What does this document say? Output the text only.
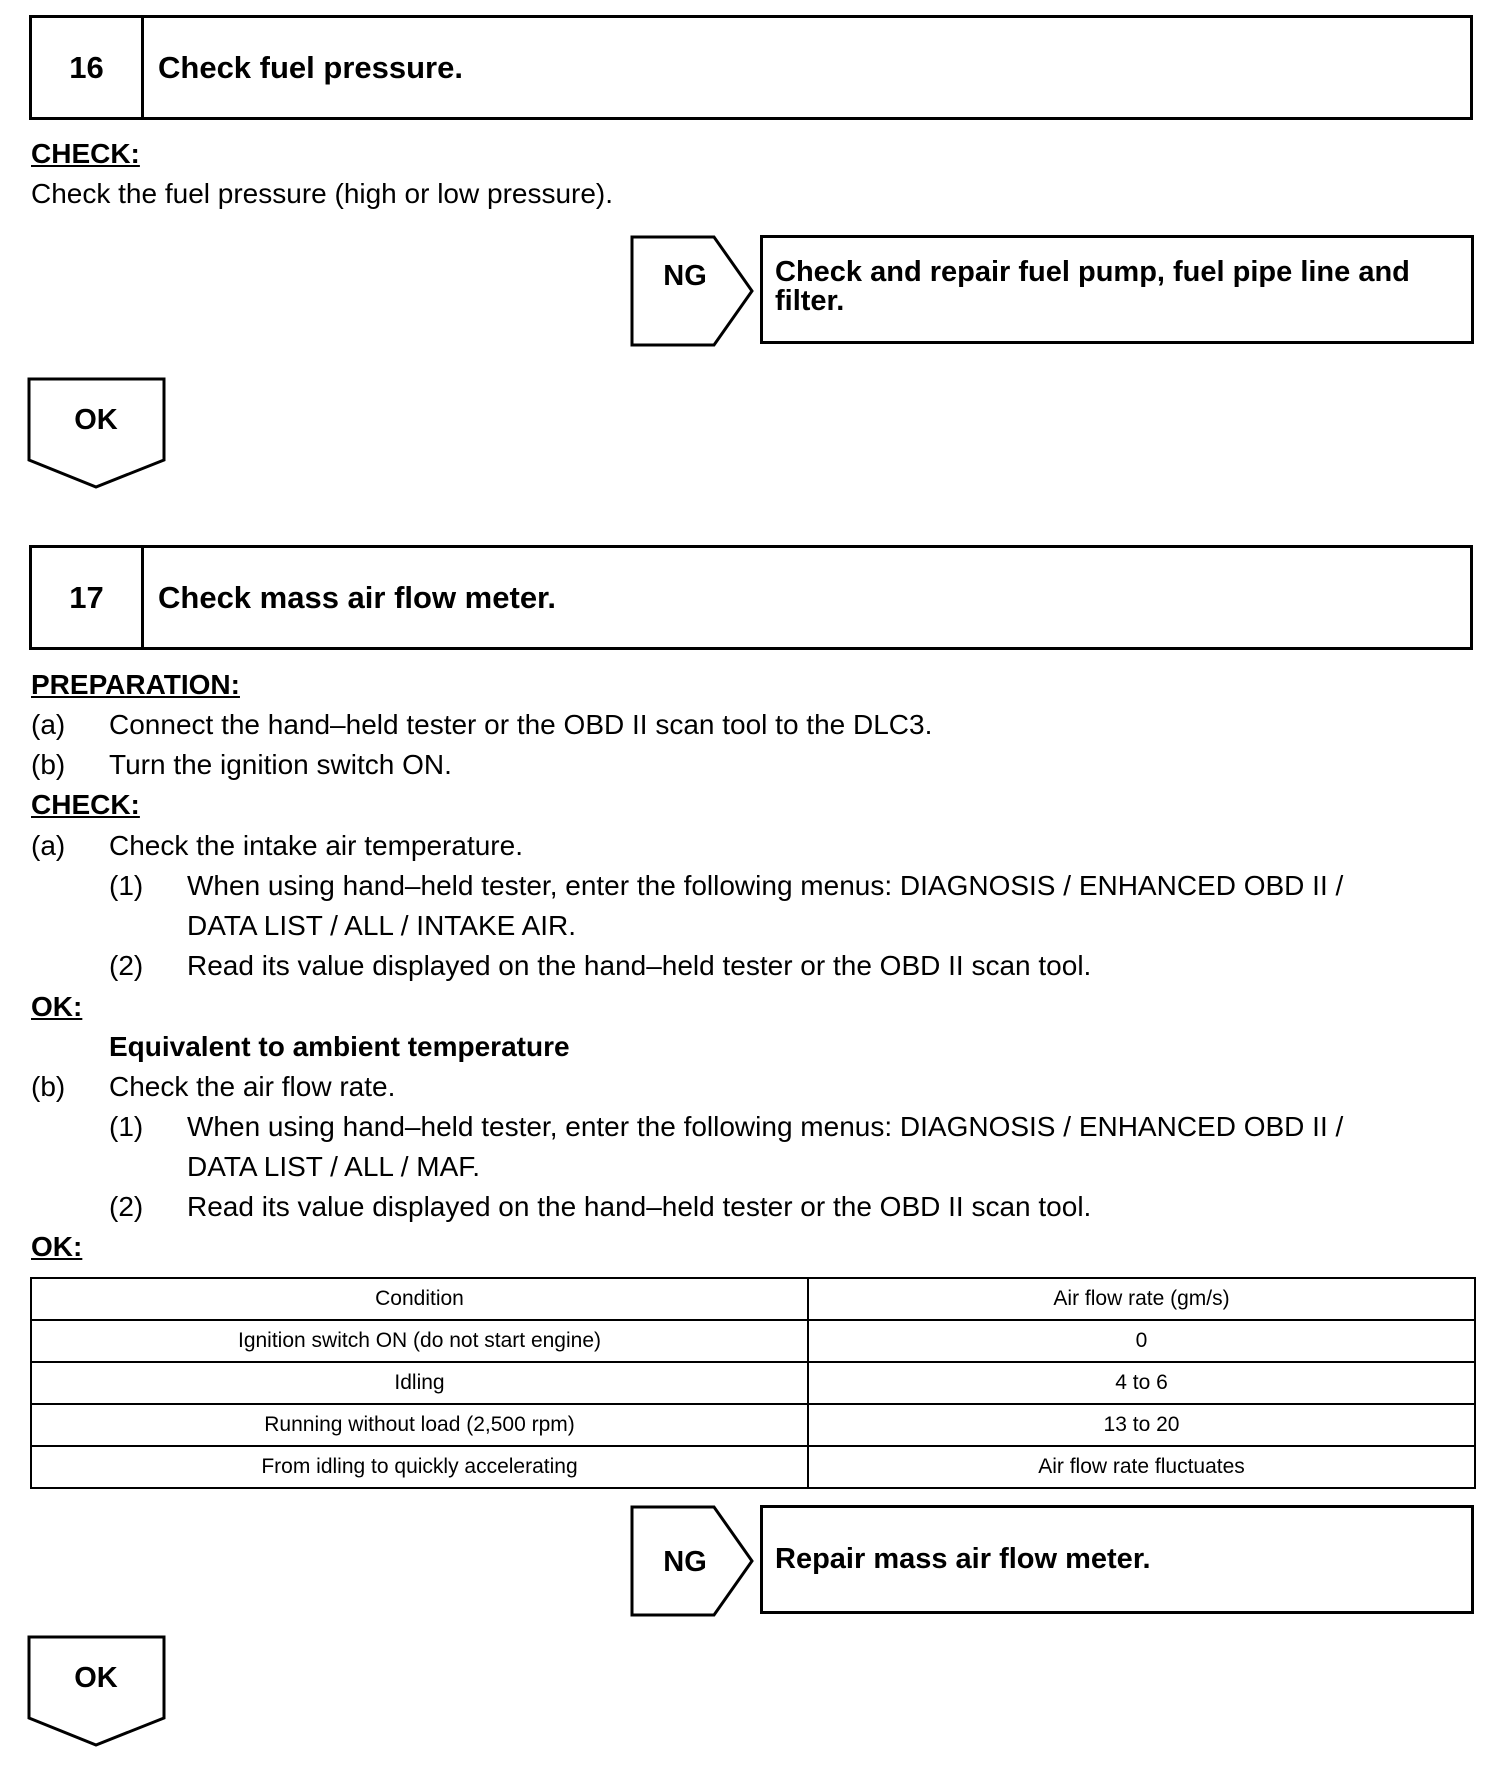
16	Check fuel pressure.
CHECK:
Check the fuel pressure (high or low pressure).
NG Check and repair fuel pump, fuel pipe line and
filter.
OK
17	Check mass air flow meter.
PREPARATION:
(a) Connect the hand–held tester or the OBD II scan tool to the DLC3.
(b) Turn the ignition switch ON.
CHECK:
(a) Check the intake air temperature.
(1) When using hand–held tester, enter the following menus: DIAGNOSIS / ENHANCED OBD II /
DATA LIST / ALL / INTAKE AIR.
(2) Read its value displayed on the hand–held tester or the OBD II scan tool.
OK:
Equivalent to ambient temperature
(b) Check the air flow rate.
(1) When using hand–held tester, enter the following menus: DIAGNOSIS / ENHANCED OBD II /
DATA LIST / ALL / MAF.
(2) Read its value displayed on the hand–held tester or the OBD II scan tool.
OK:
Condition	Air flow rate (gm/s)
Ignition switch ON (do not start engine)	0
Idling	4 to 6
Running without load (2,500 rpm)	13 to 20
From idling to quickly accelerating	Air flow rate fluctuates
NG	Repair mass air flow meter.
OK
